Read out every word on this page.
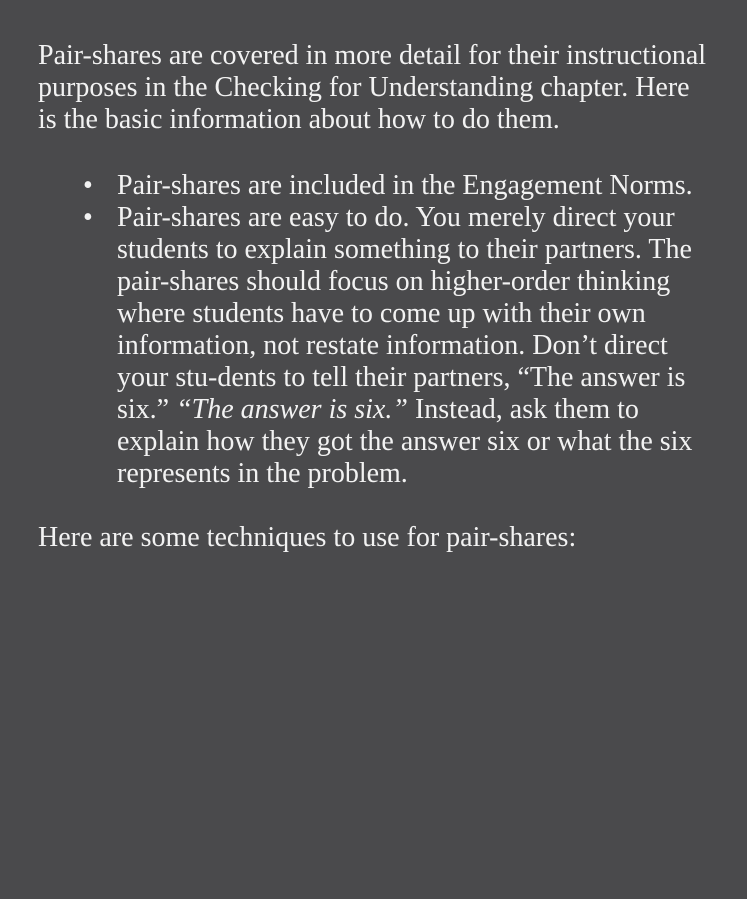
Pair-shares are covered in more detail for their instructional purposes in the Checking for Understanding chapter. Here is the basic information about how to do them.

• Pair-shares are included in the Engagement Norms.
• Pair-shares are easy to do. You merely direct your students to explain something to their partners. The pair-shares should focus on higher-order thinking where students have to come up with their own information, not restate information. Don’t direct your stu-dents to tell their partners, “The answer is six.” “The answer is six.” Instead, ask them to explain how they got the answer six or what the six represents in the problem.

Here are some techniques to use for pair-shares:
